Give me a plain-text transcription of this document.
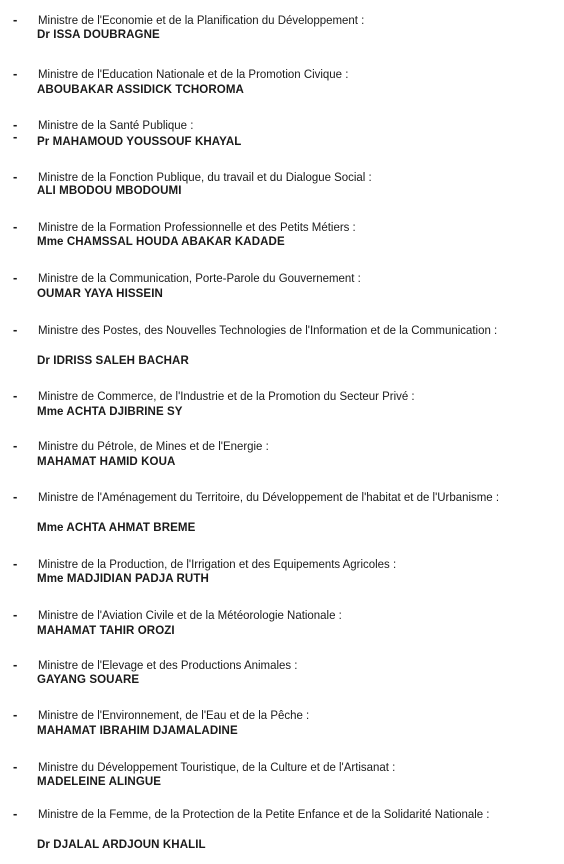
- Ministre de l'Economie et de la Planification du Développement :
Dr ISSA DOUBRAGNE
- Ministre de l'Education Nationale et de la Promotion Civique :
ABOUBAKAR ASSIDICK TCHOROMA
-
-
Ministre de la Santé Publique :
Pr MAHAMOUD YOUSSOUF KHAYAL
- Ministre de la Fonction Publique, du travail et du Dialogue Social :
ALI MBODOU MBODOUMI
- Ministre de la Formation Professionnelle et des Petits Métiers :
Mme CHAMSSAL HOUDA ABAKAR KADADE
- Ministre de la Communication, Porte-Parole du Gouvernement :
OUMAR YAYA HISSEIN
- Ministre des Postes, des Nouvelles Technologies de l'Information et de la Communication :
Dr IDRISS SALEH BACHAR
- Ministre de Commerce, de l'Industrie et de la Promotion du Secteur Privé :
Mme ACHTA DJIBRINE SY
- Ministre du Pétrole, de Mines et de l'Energie :
MAHAMAT HAMID KOUA
- Ministre de l'Aménagement du Territoire, du Développement de l'habitat et de l'Urbanisme :
Mme ACHTA AHMAT BREME
- Ministre de la Production, de l'Irrigation et des Equipements Agricoles :
Mme MADJIDIAN PADJA RUTH
- Ministre de l'Aviation Civile et de la Météorologie Nationale :
MAHAMAT TAHIR OROZI
- Ministre de l'Elevage et des Productions Animales :
GAYANG SOUARE
- Ministre de l'Environnement, de l'Eau et de la Pêche :
MAHAMAT IBRAHIM DJAMALADINE
- Ministre du Développement Touristique, de la Culture et de l'Artisanat :
MADELEINE ALINGUE
- Ministre de la Femme, de la Protection de la Petite Enfance et de la Solidarité Nationale :
Dr DJALAL ARDJOUN KHALIL
